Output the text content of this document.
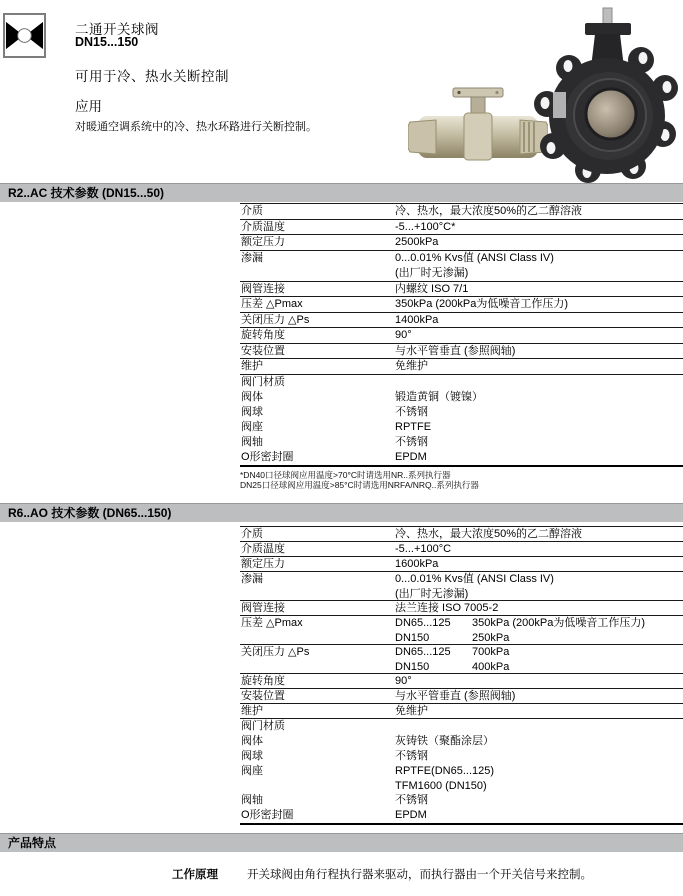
二通开关球阀
DN15...150
可用于冷、热水关断控制
应用
对暖通空调系统中的冷、热水环路进行关断控制。
R2..AC 技术参数 (DN15...50)
介质	冷、热水，最大浓度50%的乙二醇溶液
介质温度	-5...+100°C*
额定压力	2500kPa
渗漏	0...0.01% Kvs值 (ANSI Class IV)
(出厂时无渗漏)
阀管连接	内螺纹 ISO 7/1
压差 △Pmax	350kPa (200kPa为低噪音工作压力)
关闭压力 △Ps	1400kPa
旋转角度	90°
安装位置	与水平管垂直 (参照阀轴)
维护	免维护
阀门材质
阀体	锻造黄铜（镀镍）
阀球	不锈钢
阀座	RPTFE
阀轴	不锈钢
O形密封圈	EPDM
*DN40口径球阀应用温度>70°C时请选用NR..系列执行器
DN25口径球阀应用温度>85°C时请选用NRFA/NRQ..系列执行器
R6..AO 技术参数 (DN65...150)
介质	冷、热水，最大浓度50%的乙二醇溶液
介质温度	-5...+100°C
额定压力	1600kPa
渗漏	0...0.01% Kvs值 (ANSI Class IV)
(出厂时无渗漏)
阀管连接	法兰连接 ISO 7005-2
压差 △Pmax	DN65...125 350kPa (200kPa为低噪音工作压力)
DN150	250kPa
关闭压力 △Ps	DN65...125 700kPa
DN150	400kPa
旋转角度	90°
安装位置	与水平管垂直 (参照阀轴)
维护	免维护
阀门材质
阀体	灰铸铁（聚酯涂层）
阀球	不锈钢
阀座	RPTFE(DN65...125)
TFM1600 (DN150)
阀轴	不锈钢
O形密封圈	EPDM
产品特点
工作原理	开关球阀由角行程执行器来驱动，而执行器由一个开关信号来控制。
